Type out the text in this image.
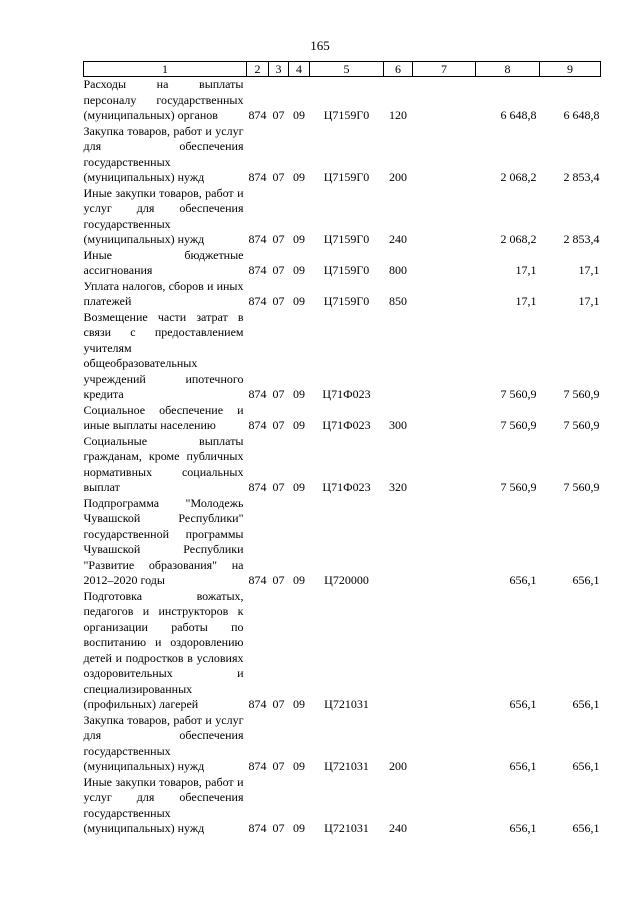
165
1	2	3	4	5	6	7	8	9
Расходы на выплаты персоналу государственных (муниципальных) органов	874	07	09	Ц7159Г0	120		6 648,8	6 648,8
Закупка товаров, работ и услуг для обеспечения государственных (муниципальных) нужд	874	07	09	Ц7159Г0	200		2 068,2	2 853,4
Иные закупки товаров, работ и услуг для обеспечения государственных (муниципальных) нужд	874	07	09	Ц7159Г0	240		2 068,2	2 853,4
Иные бюджетные ассигнования	874	07	09	Ц7159Г0	800		17,1	17,1
Уплата налогов, сборов и иных платежей	874	07	09	Ц7159Г0	850		17,1	17,1
Возмещение части затрат в связи с предоставлением учителям общеобразовательных учреждений ипотечного кредита	874	07	09	Ц71Ф023			7 560,9	7 560,9
Социальное обеспечение и иные выплаты населению	874	07	09	Ц71Ф023	300		7 560,9	7 560,9
Социальные выплаты гражданам, кроме публичных нормативных социальных выплат	874	07	09	Ц71Ф023	320		7 560,9	7 560,9
Подпрограмма "Молодежь Чувашской Республики" государственной программы Чувашской Республики "Развитие образования" на 2012–2020 годы	874	07	09	Ц720000			656,1	656,1
Подготовка вожатых, педагогов и инструкторов к организации работы по воспитанию и оздоровлению детей и подростков в условиях оздоровительных и специализированных (профильных) лагерей	874	07	09	Ц721031			656,1	656,1
Закупка товаров, работ и услуг для обеспечения государственных (муниципальных) нужд	874	07	09	Ц721031	200		656,1	656,1
Иные закупки товаров, работ и услуг для обеспечения государственных (муниципальных) нужд	874	07	09	Ц721031	240		656,1	656,1
